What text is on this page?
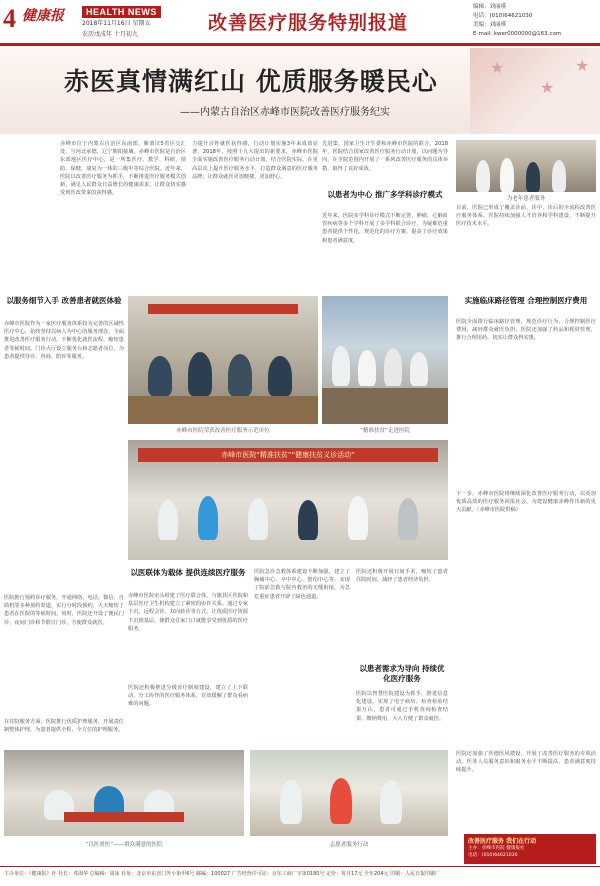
4 健康报	HEALTH NEWS
2018年11月16日 星期五
农历戊戌年 十月初九
改善医疗服务特别报道
编辑：刘丽瑾
电话：(010)64621030
美编：刘丽瑾
E-mail: kwer0000000@163.com
★
★
★
赤医真情满红山 优质服务暖民心
——内蒙古自治区赤峰市医院改善医疗服务纪实
赤峰市位于内蒙古自治区东南部，紫蒙汉5省区交汇处，与河北承德，辽宁朝阳接壤。赤峰市医院是自治区东部地区医疗中心，是一所集医疗、教学、科研、预防、保健、康复为一体的三级甲等综合医院。近年来，医院以改善医疗服务为抓手，不断推进医疗服务模式创新，满足人民群众日益增长的健康需求，让群众切实感受到医改带来的获得感。
力提升百姓就医获得感，行动计划实施3年来成效显著。2018年，按照十九大提出的新要求，赤峰市医院全面实施改善医疗服务行动计划，结合医院实际，在更高层次上提升医疗服务水平，打造群众满意的医疗服务品牌，让群众就医更加便捷、更加舒心。
先进集，国家卫生计生委和赤峰市医院的联合。2018年，医院结合国家改善医疗服务行动计划，以问题为导向，在全院范围内开展了一系列改善医疗服务的具体举措，取得了良好成效。
以患者为中心 推广多学科诊疗模式
近年来，医院多学科诊疗模式不断完善，肿瘤、心脑血管疾病等多个学科开展了多学科联合诊疗，为疑难危重患者提供个性化、规范化的诊疗方案，提高了诊疗效果和患者满意度。
为老年患者服务
目前，医院已形成了覆盖诊前、诊中、诊后的全流程改善医疗服务体系。医院持续加强人才培养和学科建设，不断提升医疗技术水平。
以服务细节入手 改善患者就医体验
赤峰市医院作为一家医疗服务体系较为完善的区域性医疗中心，始终坚持以病人为中心的服务理念，全面推进改善医疗服务行动，不断优化就医流程，缩短患者等候时间。门诊大厅设立服务台和志愿者岗位，为患者提供导诊、咨询、陪诊等服务。
医院推行预约诊疗服务，开通网络、电话、微信、自助机等多种预约渠道，实行分时段预约，大大缩短了患者在医院的等候时间。同时，医院还开设了便民门诊、夜间门诊和节假日门诊，方便群众就医。
在住院服务方面，医院推行优质护理服务，开展责任制整体护理，为患者提供全程、全方位的护理服务。
赤峰市医院荣获改善医疗服务示范单位	“精准扶贫”走进医院
实施临床路径管理 合理控制医疗费用
医院全面推行临床路径管理，规范诊疗行为，合理控制医疗费用，减轻群众就医负担。医院还加强了药品和耗材管理，推行合理用药，切实让群众得实惠。
赤峰市医院“精准扶贫”“健康扶贫义诊活动”
以医联体为载体 提供连续医疗服务
赤峰市医院牵头组建了医疗联合体，与旗县区医院和基层医疗卫生机构建立了紧密的协作关系。通过专家下沉、远程会诊、双向转诊等方式，让优质医疗资源下沉到基层，使群众在家门口就能享受到优质的医疗服务。
医院还积极推进分级诊疗制度建设，建立了上下联动、分工协作的医疗服务体系，有效缓解了群众看病难的问题。
医院急诊急救体系建设不断加强，建立了胸痛中心、卒中中心、创伤中心等，实现了院前急救与院内救治的无缝衔接，为急危重症患者开辟了绿色通道。
医院还积极开展日间手术，缩短了患者住院时间，减轻了患者经济负担。
以患者需求为导向 持续优化医疗服务
医院以智慧医院建设为抓手，推进信息化建设，实现了电子病历、检查检验结果互认，患者可通过手机查询检查结果、缴纳费用，大大方便了群众就医。
下一步，赤峰市医院将继续深化改善医疗服务行动，以更加优质高效的医疗服务回报社会，为建设健康赤峰作出新的更大贡献。（赤峰市医院供稿）
“以医重医”——群众满意的医院	志愿者服务行动
医院还加强了医德医风建设，开展了改善医疗服务的专项活动，医务人员服务意识和服务水平不断提高，患者满意度持续提升。
改善医疗服务 我们在行动
主办：赤峰市医院 健康报社
电话：(010)64621030
主办单位：《健康报》社 社长：邓海华 总编辑：周冰 社址：北京市东直门外小街甲6号 邮编：100027 广告经营许可证：京东工商广字第0180号 定价：每月17元 全年204元 印刷：人民日报印刷厂
